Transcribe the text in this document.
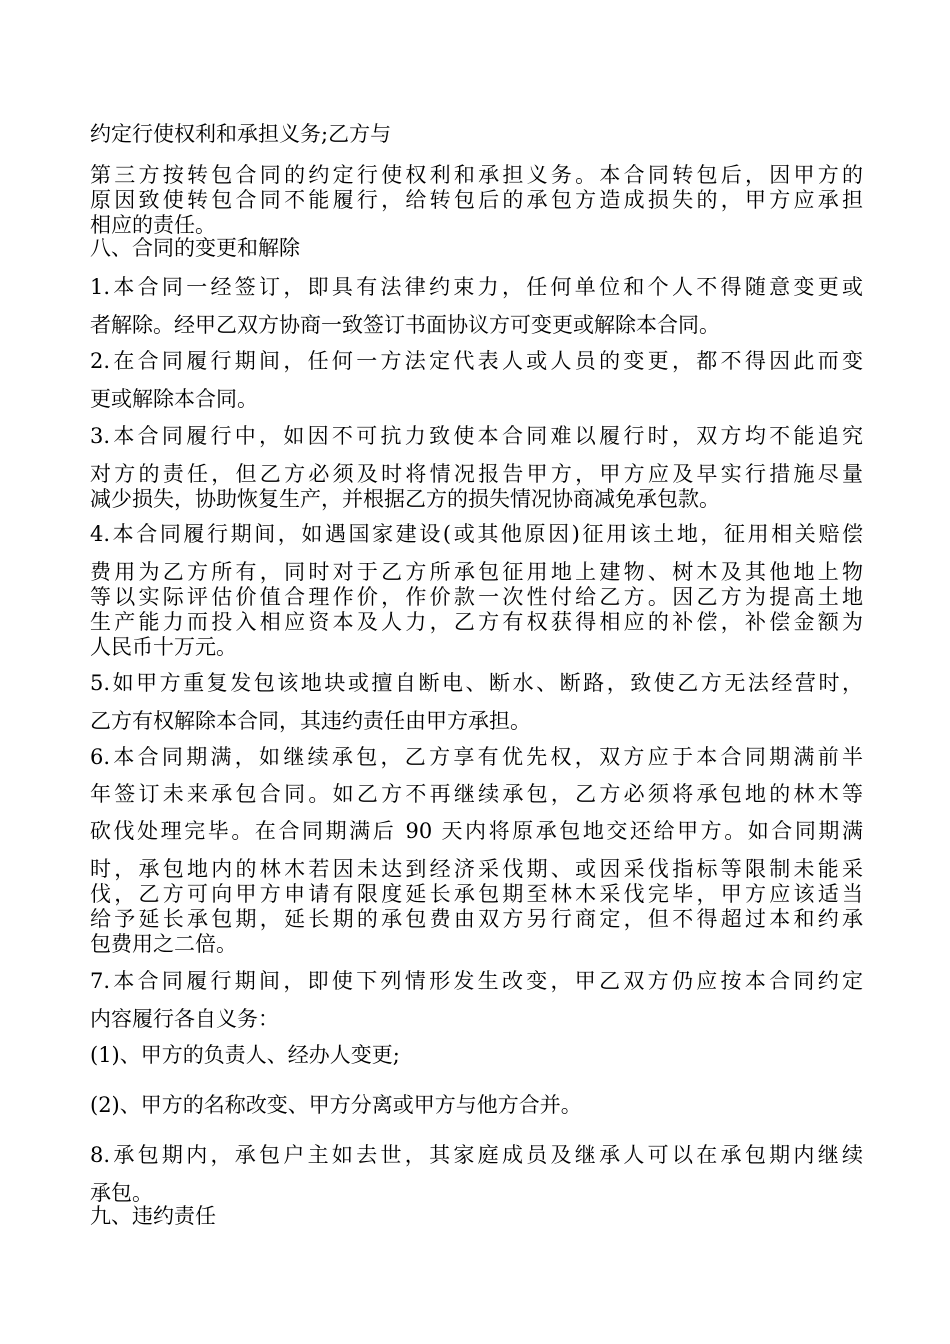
约定行使权利和承担义务;乙方与
第三方按转包合同的约定行使权利和承担义务。本合同转包后，因甲方的
原因致使转包合同不能履行，给转包后的承包方造成损失的，甲方应承担
相应的责任。
八、合同的变更和解除
1.本合同一经签订，即具有法律约束力，任何单位和个人不得随意变更或
者解除。经甲乙双方协商一致签订书面协议方可变更或解除本合同。
2.在合同履行期间，任何一方法定代表人或人员的变更，都不得因此而变
更或解除本合同。
3.本合同履行中，如因不可抗力致使本合同难以履行时，双方均不能追究
对方的责任，但乙方必须及时将情况报告甲方，甲方应及早实行措施尽量
减少损失，协助恢复生产，并根据乙方的损失情况协商减免承包款。
4.本合同履行期间，如遇国家建设(或其他原因)征用该土地，征用相关赔偿
费用为乙方所有，同时对于乙方所承包征用地上建物、树木及其他地上物
等以实际评估价值合理作价，作价款一次性付给乙方。因乙方为提高土地
生产能力而投入相应资本及人力，乙方有权获得相应的补偿，补偿金额为
人民币十万元。
5.如甲方重复发包该地块或擅自断电、断水、断路，致使乙方无法经营时，
乙方有权解除本合同，其违约责任由甲方承担。
6.本合同期满，如继续承包，乙方享有优先权，双方应于本合同期满前半
年签订未来承包合同。如乙方不再继续承包，乙方必须将承包地的林木等
砍伐处理完毕。在合同期满后 90 天内将原承包地交还给甲方。如合同期满
时，承包地内的林木若因未达到经济采伐期、或因采伐指标等限制未能采
伐，乙方可向甲方申请有限度延长承包期至林木采伐完毕，甲方应该适当
给予延长承包期，延长期的承包费由双方另行商定，但不得超过本和约承
包费用之二倍。
7.本合同履行期间，即使下列情形发生改变，甲乙双方仍应按本合同约定
内容履行各自义务：
(1)、甲方的负责人、经办人变更;
(2)、甲方的名称改变、甲方分离或甲方与他方合并。
8.承包期内，承包户主如去世，其家庭成员及继承人可以在承包期内继续
承包。
九、违约责任
